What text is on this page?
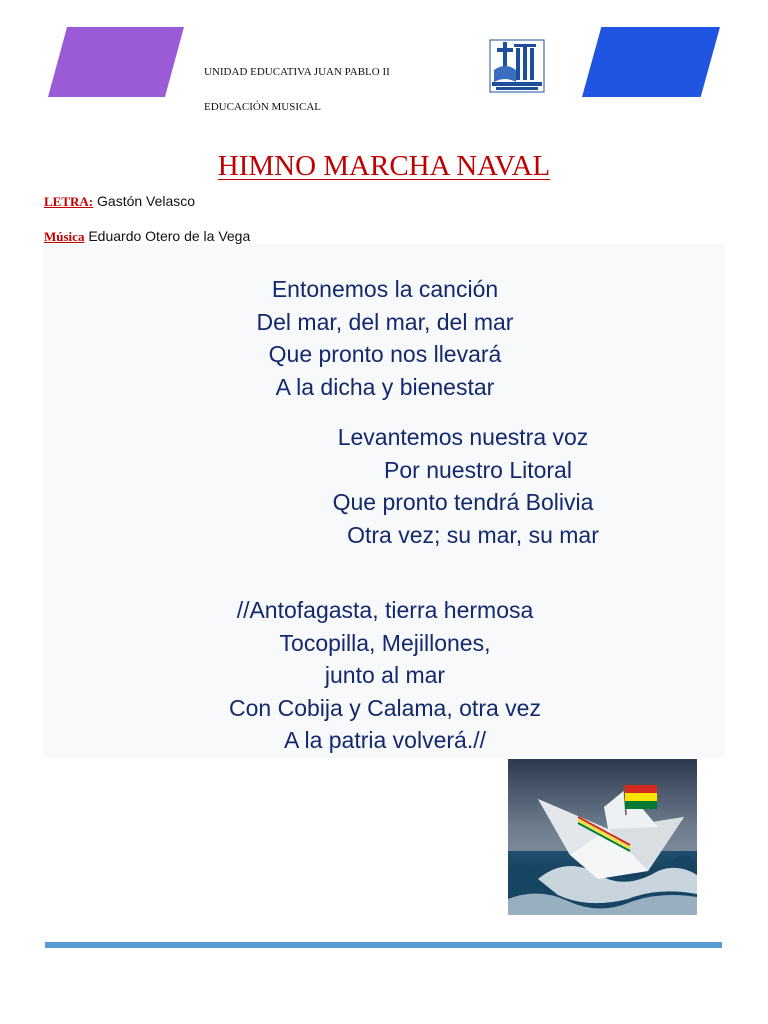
UNIDAD EDUCATIVA JUAN PABLO II
EDUCACIÓN MUSICAL
HIMNO MARCHA NAVAL
LETRA: Gastón Velasco
Música Eduardo Otero de la Vega
Entonemos la canción
Del mar, del mar, del mar
Que pronto nos llevará
A la dicha y bienestar
Levantemos nuestra voz
Por nuestro Litoral
Que pronto tendrá Bolivia
Otra vez; su mar, su mar
//Antofagasta, tierra hermosa
Tocopilla, Mejillones,
junto al mar
Con Cobija y Calama, otra vez
A la patria volverá.//
